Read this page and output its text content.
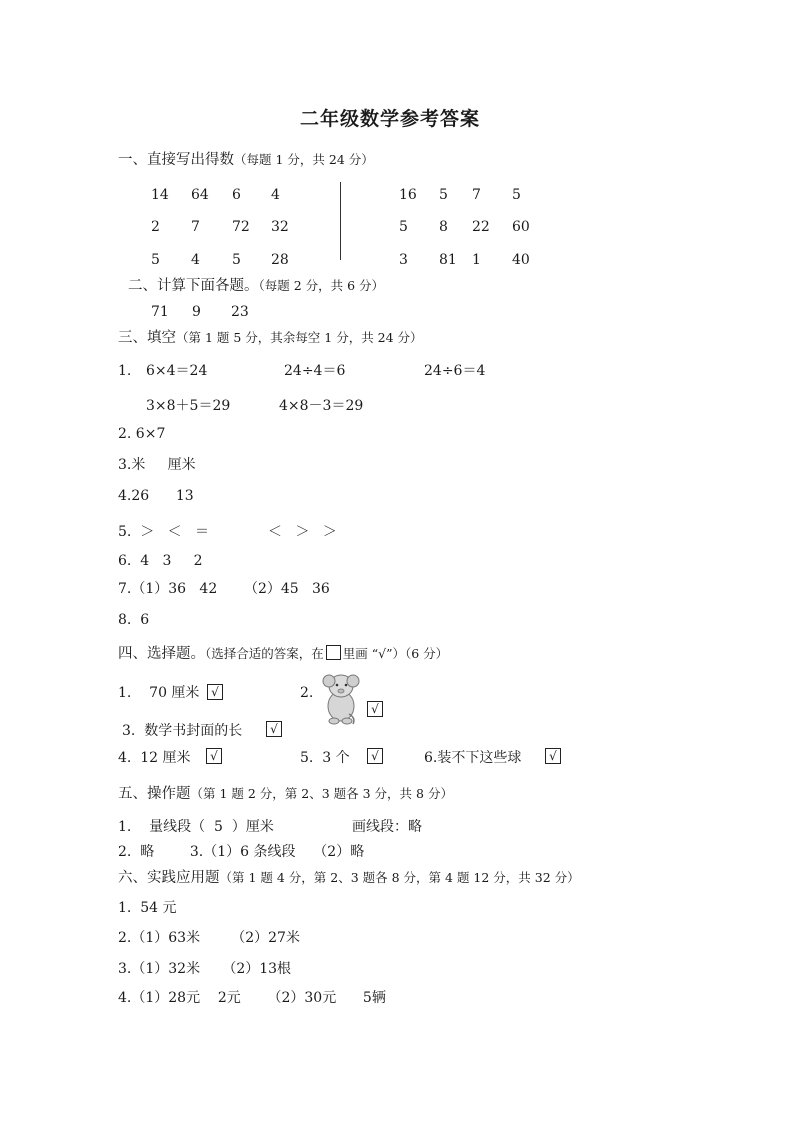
二年级数学参考答案
一、直接写出得数（每题 1 分，共 24 分）
14 64 6 4
2 7 72 32
5 4 5 28
16 5 7 5
5 8 22 60
3 81 1 40
二、计算下面各题。（每题 2 分，共 6 分）
71 9 23
三、填空（第 1 题 5 分，其余每空 1 分，共 24 分）
1. 6×4＝24	24÷4＝6	24÷6＝4
3×8＋5＝29	4×8－3＝29
2. 6×7
3.米     厘米
4.26      13
5.  ＞   ＜   ＝	＜   ＞   ＞
6.  4   3     2
7.（1）36   42      （2）45   36
8.  6
四、选择题。（选择合适的答案，在 里画 “√”）（6 分）
1.    70 厘米 √	2.
√
3.  数学书封面的长	√
4.  12 厘米	√	5.  3 个	√	6.装不下这些球	√
五、操作题（第 1 题 2 分，第 2、3 题各 3 分，共 8 分）
1.    量线段（  5  ）厘米	画线段：略
2.  略        3.（1）6 条线段    （2）略
六、实践应用题（第 1 题 4 分，第 2、3 题各 8 分，第 4 题 12 分，共 32 分）
1.  54 元
2.（1）63米       （2）27米
3.（1）32米     （2）13根
4.（1）28元    2元      （2）30元      5辆
